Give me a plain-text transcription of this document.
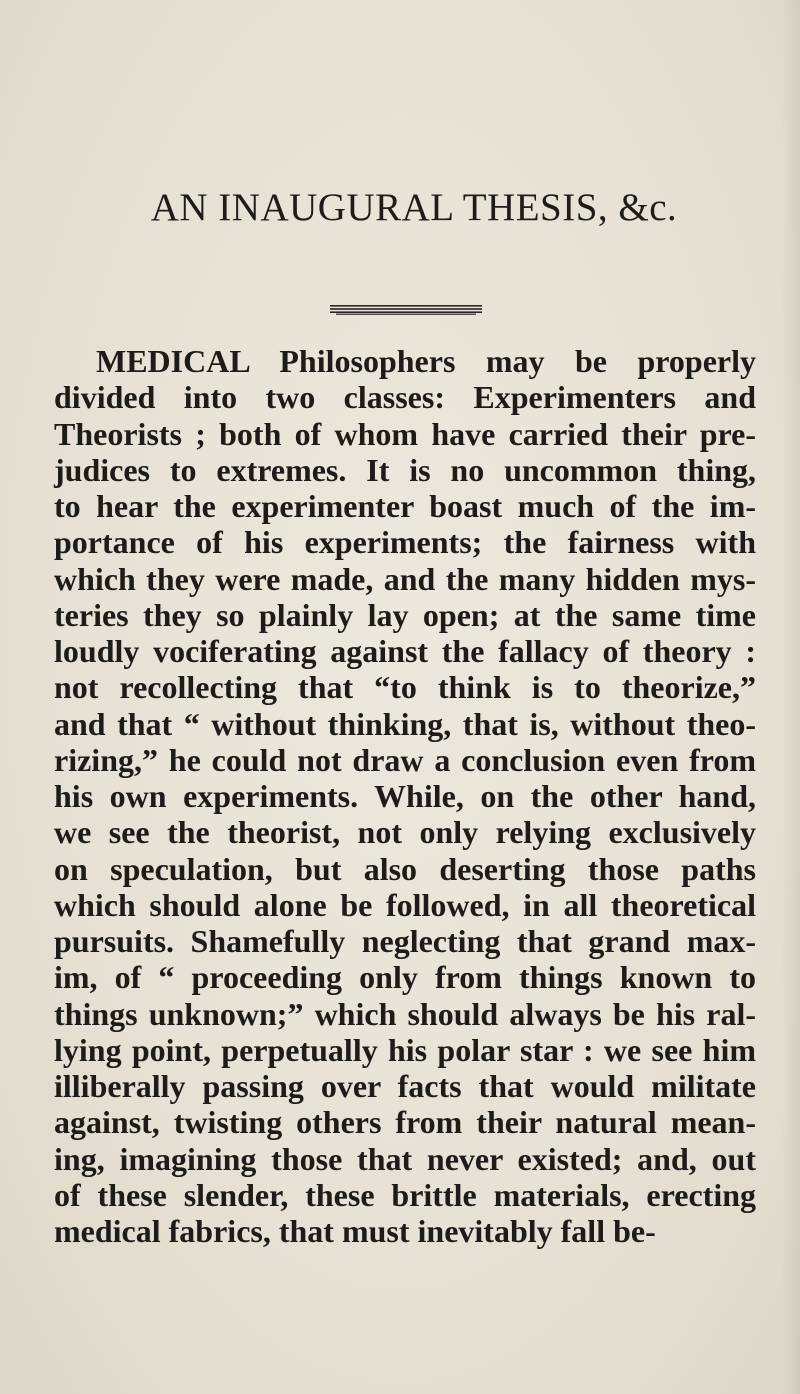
AN INAUGURAL THESIS, &c.

MEDICAL Philosophers may be properly
divided into two classes: Experimenters and
Theorists ; both of whom have carried their pre-
judices to extremes. It is no uncommon thing,
to hear the experimenter boast much of the im-
portance of his experiments; the fairness with
which they were made, and the many hidden mys-
teries they so plainly lay open; at the same time
loudly vociferating against the fallacy of theory :
not recollecting that “to think is to theorize,”
and that “ without thinking, that is, without theo-
rizing,” he could not draw a conclusion even from
his own experiments. While, on the other hand,
we see the theorist, not only relying exclusively
on speculation, but also deserting those paths
which should alone be followed, in all theoretical
pursuits. Shamefully neglecting that grand max-
im, of “ proceeding only from things known to
things unknown;” which should always be his ral-
lying point, perpetually his polar star : we see him
illiberally passing over facts that would militate
against, twisting others from their natural mean-
ing, imagining those that never existed; and, out
of these slender, these brittle materials, erecting
medical fabrics, that must inevitably fall be-
